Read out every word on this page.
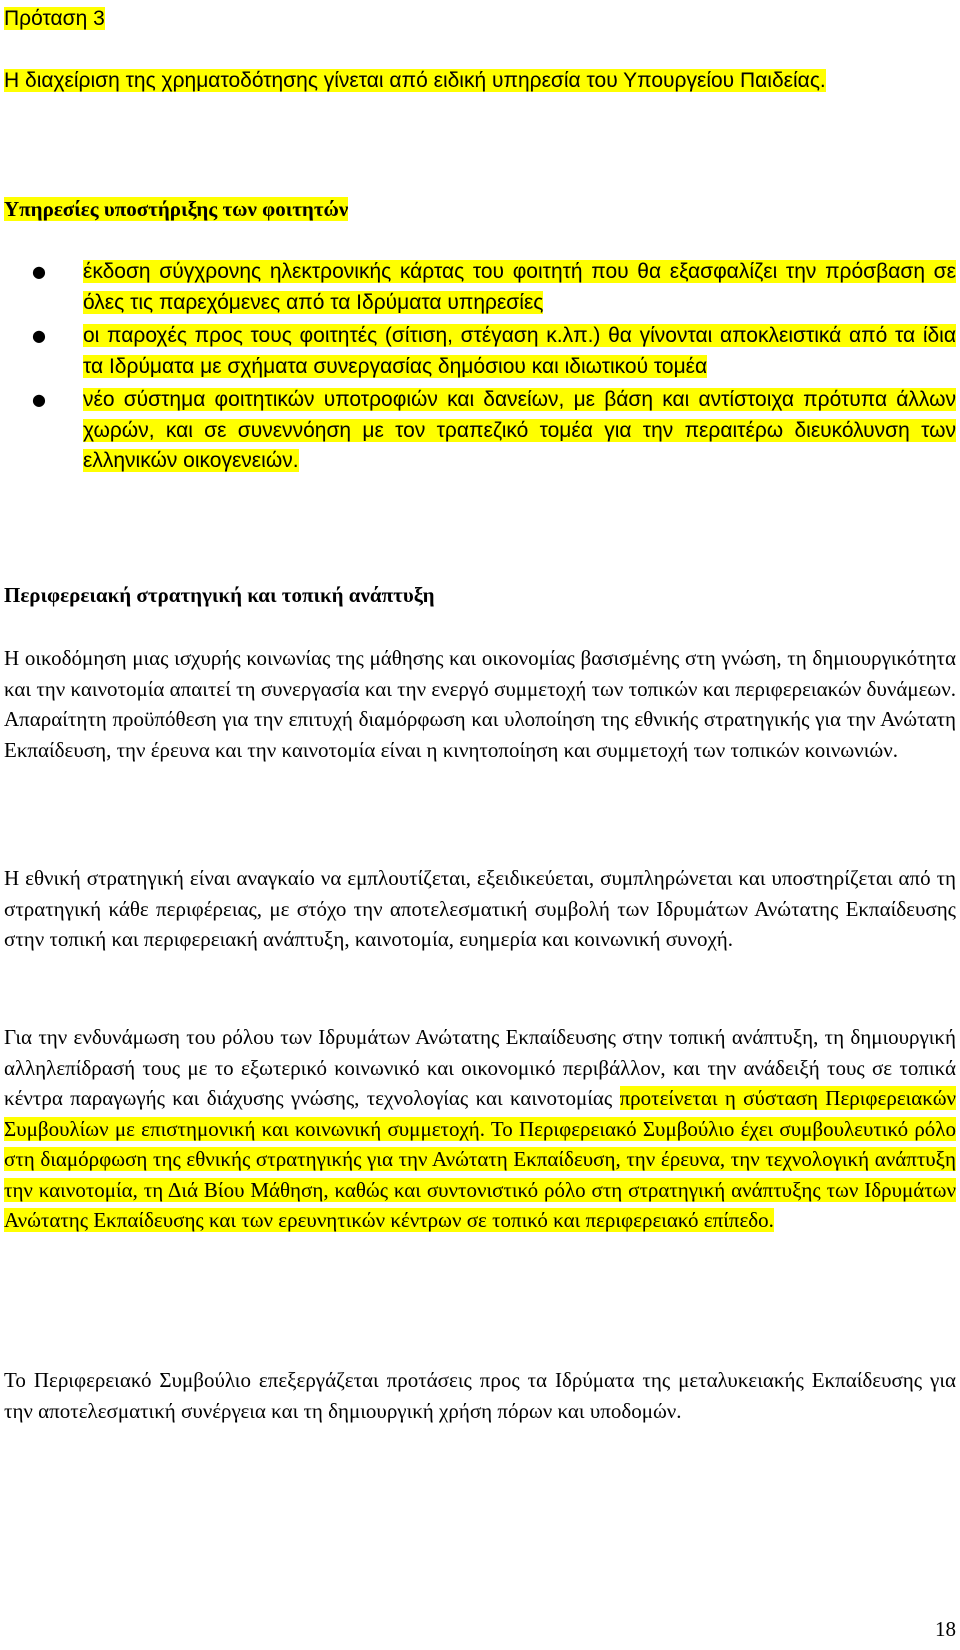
Πρόταση 3

Η διαχείριση της χρηματοδότησης γίνεται από ειδική υπηρεσία του Υπουργείου Παιδείας.

Υπηρεσίες υποστήριξης των φοιτητών

● έκδοση σύγχρονης ηλεκτρονικής κάρτας του φοιτητή που θα εξασφαλίζει την πρόσβαση σε όλες τις παρεχόμενες από τα Ιδρύματα υπηρεσίες
● οι παροχές προς τους φοιτητές (σίτιση, στέγαση κ.λπ.) θα γίνονται αποκλειστικά από τα ίδια τα Ιδρύματα με σχήματα συνεργασίας δημόσιου και ιδιωτικού τομέα
● νέο σύστημα φοιτητικών υποτροφιών και δανείων, με βάση και αντίστοιχα πρότυπα άλλων χωρών, και σε συνεννόηση με τον τραπεζικό τομέα για την περαιτέρω διευκόλυνση των ελληνικών οικογενειών.

Περιφερειακή στρατηγική και τοπική ανάπτυξη

Η οικοδόμηση μιας ισχυρής κοινωνίας της μάθησης και οικονομίας βασισμένης στη γνώση, τη δημιουργικότητα και την καινοτομία απαιτεί τη συνεργασία και την ενεργό συμμετοχή των τοπικών και περιφερειακών δυνάμεων. Απαραίτητη προϋπόθεση για την επιτυχή διαμόρφωση και υλοποίηση της εθνικής στρατηγικής για την Ανώτατη Εκπαίδευση, την έρευνα και την καινοτομία είναι η κινητοποίηση και συμμετοχή των τοπικών κοινωνιών.

Η εθνική στρατηγική είναι αναγκαίο να εμπλουτίζεται, εξειδικεύεται, συμπληρώνεται και υποστηρίζεται από τη στρατηγική κάθε περιφέρειας, με στόχο την αποτελεσματική συμβολή των Ιδρυμάτων Ανώτατης Εκπαίδευσης στην τοπική και περιφερειακή ανάπτυξη, καινοτομία, ευημερία και κοινωνική συνοχή.

Για την ενδυνάμωση του ρόλου των Ιδρυμάτων Ανώτατης Εκπαίδευσης στην τοπική ανάπτυξη, τη δημιουργική αλληλεπίδρασή τους με το εξωτερικό κοινωνικό και οικονομικό περιβάλλον, και την ανάδειξή τους σε τοπικά κέντρα παραγωγής και διάχυσης γνώσης, τεχνολογίας και καινοτομίας προτείνεται η σύσταση Περιφερειακών Συμβουλίων με επιστημονική και κοινωνική συμμετοχή. Το Περιφερειακό Συμβούλιο έχει συμβουλευτικό ρόλο στη διαμόρφωση της εθνικής στρατηγικής για την Ανώτατη Εκπαίδευση, την έρευνα, την τεχνολογική ανάπτυξη την καινοτομία, τη Διά Βίου Μάθηση, καθώς και συντονιστικό ρόλο στη στρατηγική ανάπτυξης των Ιδρυμάτων Ανώτατης Εκπαίδευσης και των ερευνητικών κέντρων σε τοπικό και περιφερειακό επίπεδο.

Το Περιφερειακό Συμβούλιο επεξεργάζεται προτάσεις προς τα Ιδρύματα της μεταλυκειακής Εκπαίδευσης για την αποτελεσματική συνέργεια και τη δημιουργική χρήση πόρων και υποδομών.

18
